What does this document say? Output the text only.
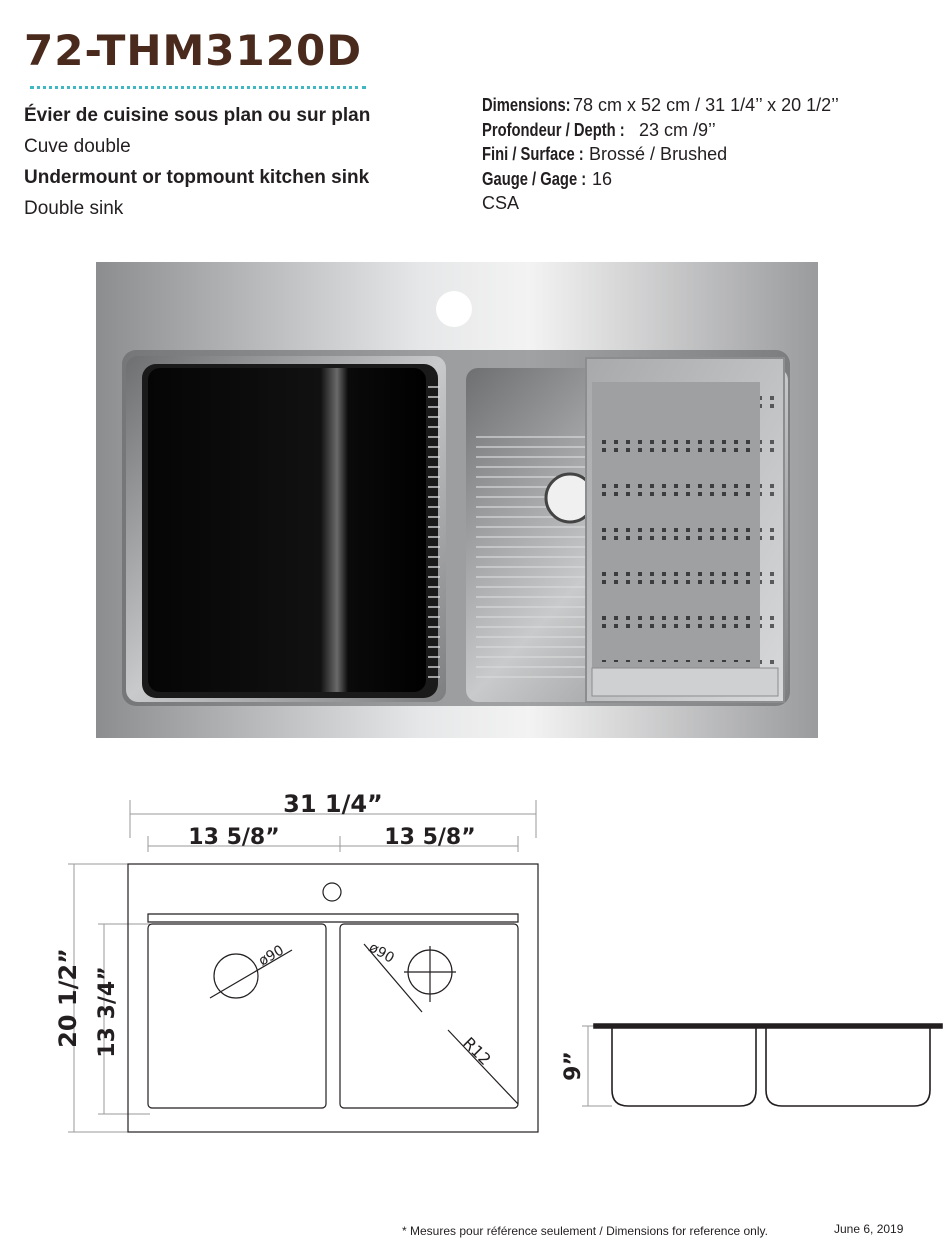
72-THM3120D
Évier de cuisine sous plan ou sur plan
Cuve double
Undermount or topmount kitchen sink
Double sink
Dimensions: 78 cm x 52 cm / 31 1/4’’ x 20 1/2’’
Profondeur / Depth : 23 cm /9’’
Fini / Surface : Brossé / Brushed
Gauge / Gage : 16
CSA
31 1/4”
13 5/8”	13 5/8”
20 1/2” 13 3/4”
ø90	ø90
R12	9”
* Mesures pour référence seulement / Dimensions for reference only.	June 6, 2019
